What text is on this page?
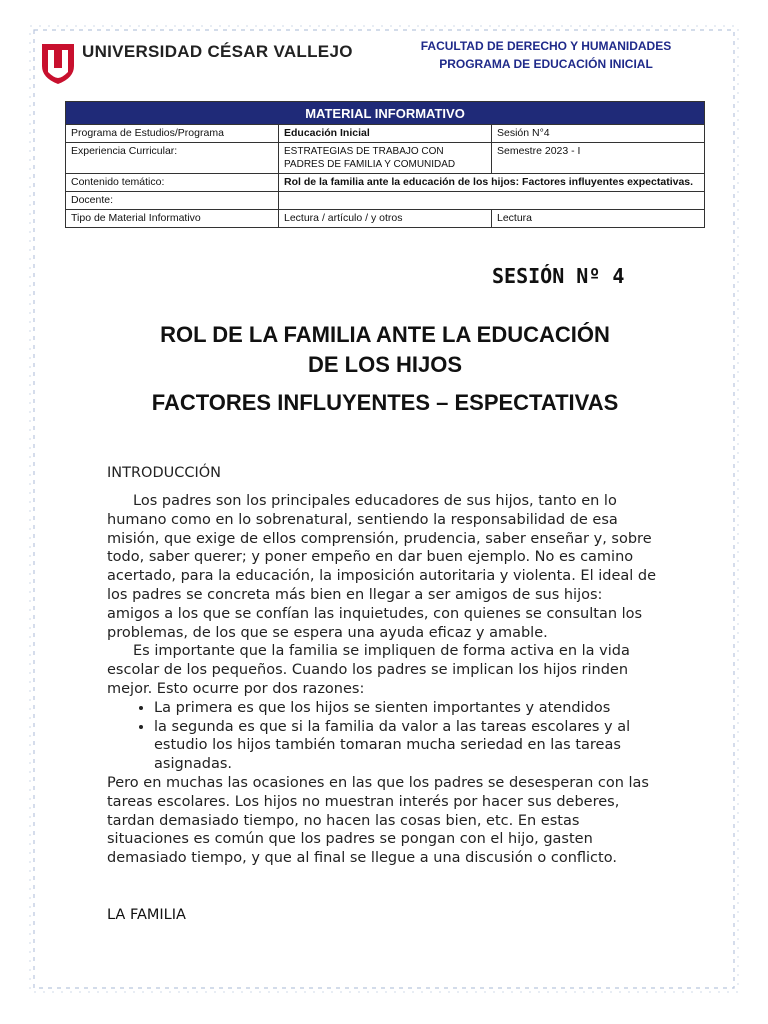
UNIVERSIDAD CÉSAR VALLEJO	FACULTAD DE DERECHO Y HUMANIDADES
PROGRAMA DE EDUCACIÓN INICIAL
MATERIAL INFORMATIVO		
Programa de Estudios/Programa	Educación Inicial	Sesión N°4
Experiencia Curricular:	ESTRATEGIAS DE TRABAJO CON PADRES DE FAMILIA Y COMUNIDAD	Semestre 2023 - I
Contenido temático:	Rol de la familia ante la educación de los hijos: Factores influyentes expectativas.	
Docente:		
Tipo de Material Informativo	Lectura / artículo / y otros	Lectura
SESIÓN Nº 4
ROL DE LA FAMILIA ANTE LA EDUCACIÓN
DE LOS HIJOS
FACTORES INFLUYENTES – ESPECTATIVAS
INTRODUCCIÓN

Los padres son los principales educadores de sus hijos, tanto en lo humano como en lo sobrenatural, sentiendo la responsabilidad de esa misión, que exige de ellos comprensión, prudencia, saber enseñar y, sobre todo, saber querer; y poner empeño en dar buen ejemplo. No es camino acertado, para la educación, la imposición autoritaria y violenta. El ideal de los padres se concreta más bien en llegar a ser amigos de sus hijos: amigos a los que se confían las inquietudes, con quienes se consultan los problemas, de los que se espera una ayuda eficaz y amable.

Es importante que la familia se impliquen de forma activa en la vida escolar de los pequeños. Cuando los padres se implican los hijos rinden mejor. Esto ocurre por dos razones:

• La primera es que los hijos se sienten importantes y atendidos
• la segunda es que si la familia da valor a las tareas escolares y al estudio los hijos también tomaran mucha seriedad en las tareas asignadas.

Pero en muchas las ocasiones en las que los padres se desesperan con las tareas escolares. Los hijos no muestran interés por hacer sus deberes, tardan demasiado tiempo, no hacen las cosas bien, etc. En estas situaciones es común que los padres se pongan con el hijo, gasten demasiado tiempo, y que al final se llegue a una discusión o conflicto.

LA FAMILIA
